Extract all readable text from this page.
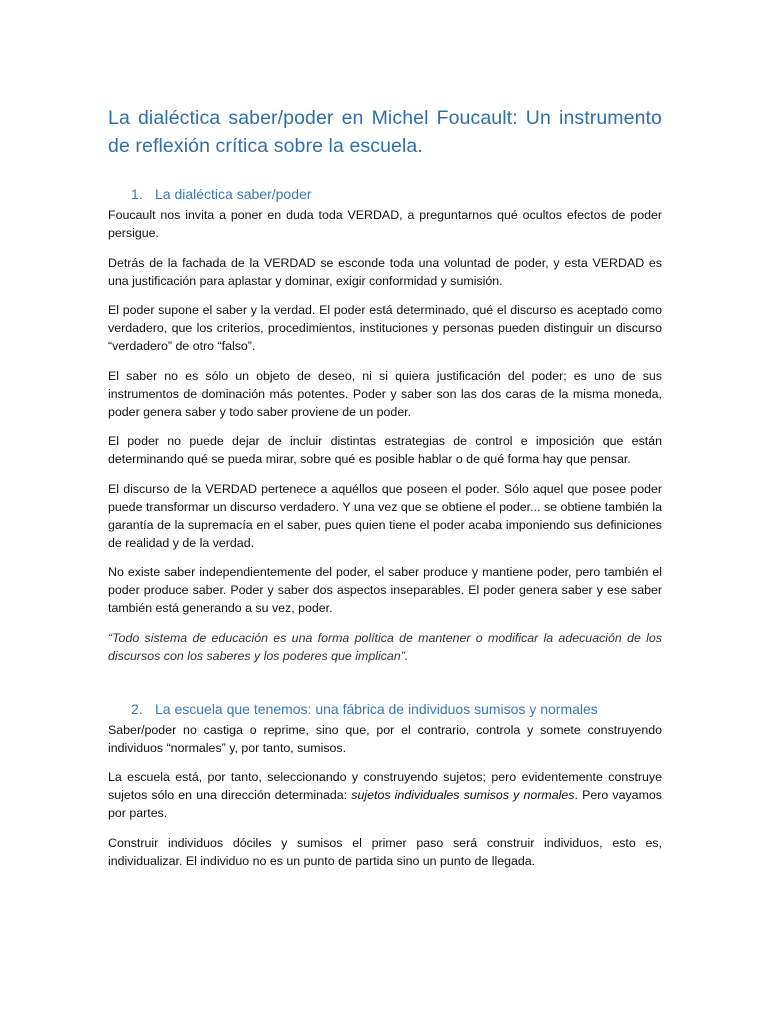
La dialéctica saber/poder en Michel Foucault: Un instrumento de reflexión crítica sobre la escuela.
1. La dialéctica saber/poder

Foucault nos invita a poner en duda toda VERDAD, a preguntarnos qué ocultos efectos de poder persigue.

Detrás de la fachada de la VERDAD se esconde toda una voluntad de poder, y esta VERDAD es una justificación para aplastar y dominar, exigir conformidad y sumisión.

El poder supone el saber y la verdad. El poder está determinado, qué el discurso es aceptado como verdadero, que los criterios, procedimientos, instituciones y personas pueden distinguir un discurso “verdadero” de otro “falso”.

El saber no es sólo un objeto de deseo, ni si quiera justificación del poder; es uno de sus instrumentos de dominación más potentes. Poder y saber son las dos caras de la misma moneda, poder genera saber y todo saber proviene de un poder.

El poder no puede dejar de incluir distintas estrategias de control e imposición que están determinando qué se pueda mirar, sobre qué es posible hablar o de qué forma hay que pensar.

El discurso de la VERDAD pertenece a aquéllos que poseen el poder. Sólo aquel que posee poder puede transformar un discurso verdadero. Y una vez que se obtiene el poder... se obtiene también la garantía de la supremacía en el saber, pues quien tiene el poder acaba imponiendo sus definiciones de realidad y de la verdad.

No existe saber independientemente del poder, el saber produce y mantiene poder, pero también el poder produce saber. Poder y saber dos aspectos inseparables. El poder genera saber y ese saber también está generando a su vez, poder.

“Todo sistema de educación es una forma política de mantener o modificar la adecuación de los discursos con los saberes y los poderes que implican”.

2. La escuela que tenemos: una fábrica de individuos sumisos y normales

Saber/poder no castiga o reprime, sino que, por el contrario, controla y somete construyendo individuos “normales” y, por tanto, sumisos.

La escuela está, por tanto, seleccionando y construyendo sujetos; pero evidentemente construye sujetos sólo en una dirección determinada: sujetos individuales sumisos y normales. Pero vayamos por partes.

Construir individuos dóciles y sumisos el primer paso será construir individuos, esto es, individualizar. El individuo no es un punto de partida sino un punto de llegada.
